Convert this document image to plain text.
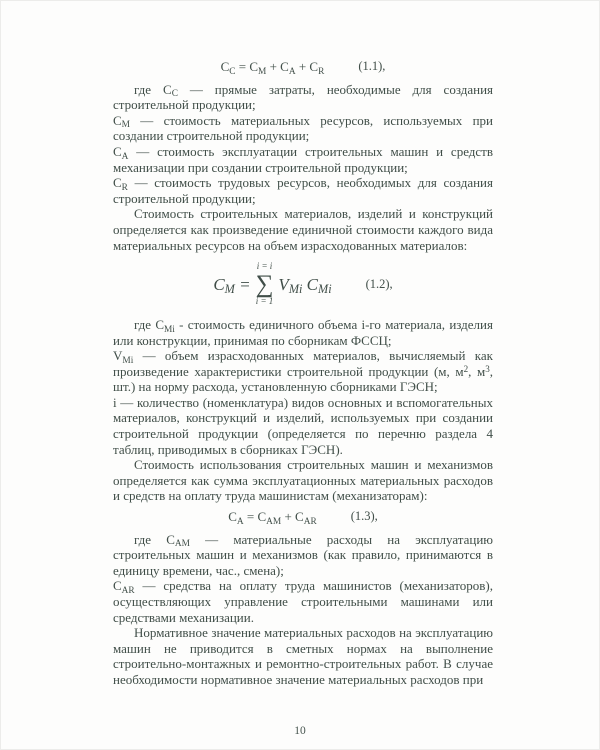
$C_C = C_M + C_A + C_R$	(1.1),

где $C_C$ — прямые затраты, необходимые для создания строительной продукции;

$C_M$ — стоимость материальных ресурсов, используемых при создании строительной продукции;

$C_A$ — стоимость эксплуатации строительных машин и средств механизации при создании строительной продукции;

$C_R$ — стоимость трудовых ресурсов, необходимых для создания строительной продукции;

Стоимость строительных материалов, изделий и конструкций определяется как произведение единичной стоимости каждого вида материальных ресурсов на объем израсходованных материалов:

$C_M$ =
i = i
∑
i = 1
$V_{Mi}$ $C_{Mi}$	(1.2),

где $C_{Mi}$ - стоимость единичного объема i-го материала, изделия или конструкции, принимая по сборникам ФССЦ;

$V_{Mi}$ — объем израсходованных материалов, вычисляемый как произведение характеристики строительной продукции (м, $м^2$, $м^3$, шт.) на норму расхода, установленную сборниками ГЭСН;

i — количество (номенклатура) видов основных и вспомогательных материалов, конструкций и изделий, используемых при создании строительной продукции (определяется по перечню раздела 4 таблиц, приводимых в сборниках ГЭСН).

Стоимость использования строительных машин и механизмов определяется как сумма эксплуатационных материальных расходов и средств на оплату труда машинистам (механизаторам):

$C_A = C_{AM} + C_{AR}$	(1.3),

где $C_{AM}$ — материальные расходы на эксплуатацию строительных машин и механизмов (как правило, принимаются в единицу времени, час., смена);

$C_{AR}$ — средства на оплату труда машинистов (механизаторов), осуществляющих управление строительными машинами или средствами механизации.

Нормативное значение материальных расходов на эксплуатацию машин не приводится в сметных нормах на выполнение строительно-монтажных и ремонтно-строительных работ. В случае необходимости нормативное значение материальных расходов при

10
